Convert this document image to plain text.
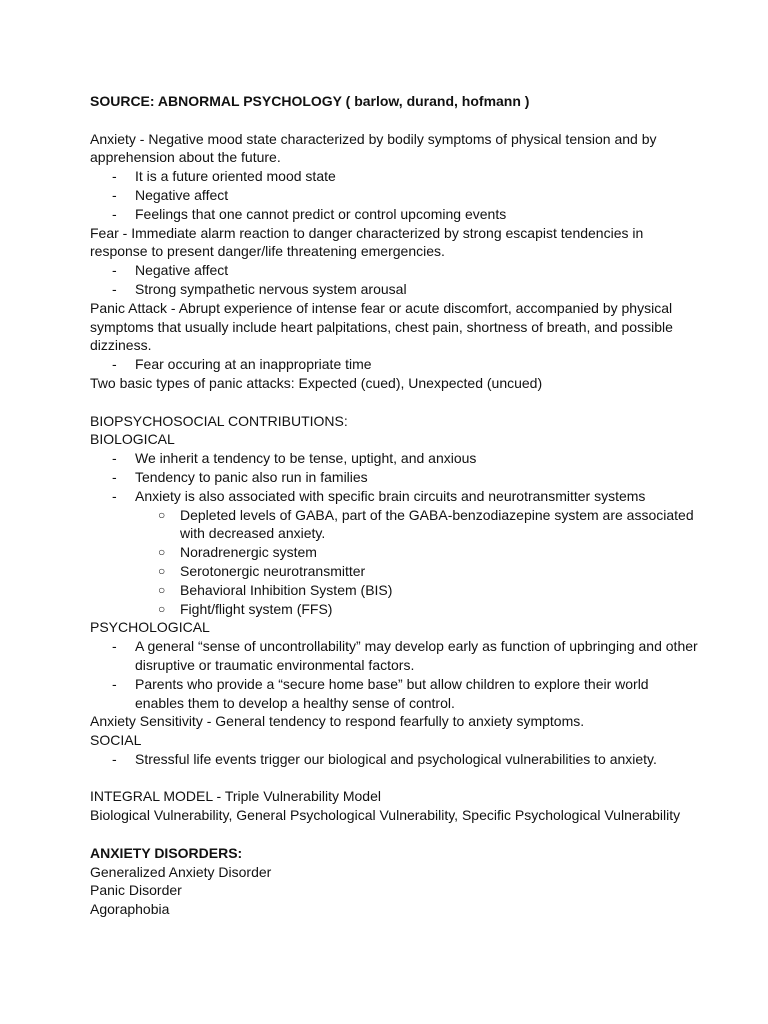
SOURCE: ABNORMAL PSYCHOLOGY ( barlow, durand, hofmann )

Anxiety - Negative mood state characterized by bodily symptoms of physical tension and by apprehension about the future.

- It is a future oriented mood state
- Negative affect
- Feelings that one cannot predict or control upcoming events

Fear - Immediate alarm reaction to danger characterized by strong escapist tendencies in response to present danger/life threatening emergencies.

- Negative affect
- Strong sympathetic nervous system arousal

Panic Attack - Abrupt experience of intense fear or acute discomfort, accompanied by physical symptoms that usually include heart palpitations, chest pain, shortness of breath, and possible dizziness.

- Fear occuring at an inappropriate time

Two basic types of panic attacks: Expected (cued), Unexpected (uncued)

BIOPSYCHOSOCIAL CONTRIBUTIONS:

BIOLOGICAL

- We inherit a tendency to be tense, uptight, and anxious
- Tendency to panic also run in families
- Anxiety is also associated with specific brain circuits and neurotransmitter systems
○ Depleted levels of GABA, part of the GABA-benzodiazepine system are associated with decreased anxiety.
○ Noradrenergic system
○ Serotonergic neurotransmitter
○ Behavioral Inhibition System (BIS)
○ Fight/flight system (FFS)

PSYCHOLOGICAL

- A general “sense of uncontrollability” may develop early as function of upbringing and other disruptive or traumatic environmental factors.
- Parents who provide a “secure home base” but allow children to explore their world enables them to develop a healthy sense of control.

Anxiety Sensitivity - General tendency to respond fearfully to anxiety symptoms.

SOCIAL

- Stressful life events trigger our biological and psychological vulnerabilities to anxiety.

INTEGRAL MODEL - Triple Vulnerability Model

Biological Vulnerability, General Psychological Vulnerability, Specific Psychological Vulnerability

ANXIETY DISORDERS:

Generalized Anxiety Disorder

Panic Disorder

Agoraphobia
